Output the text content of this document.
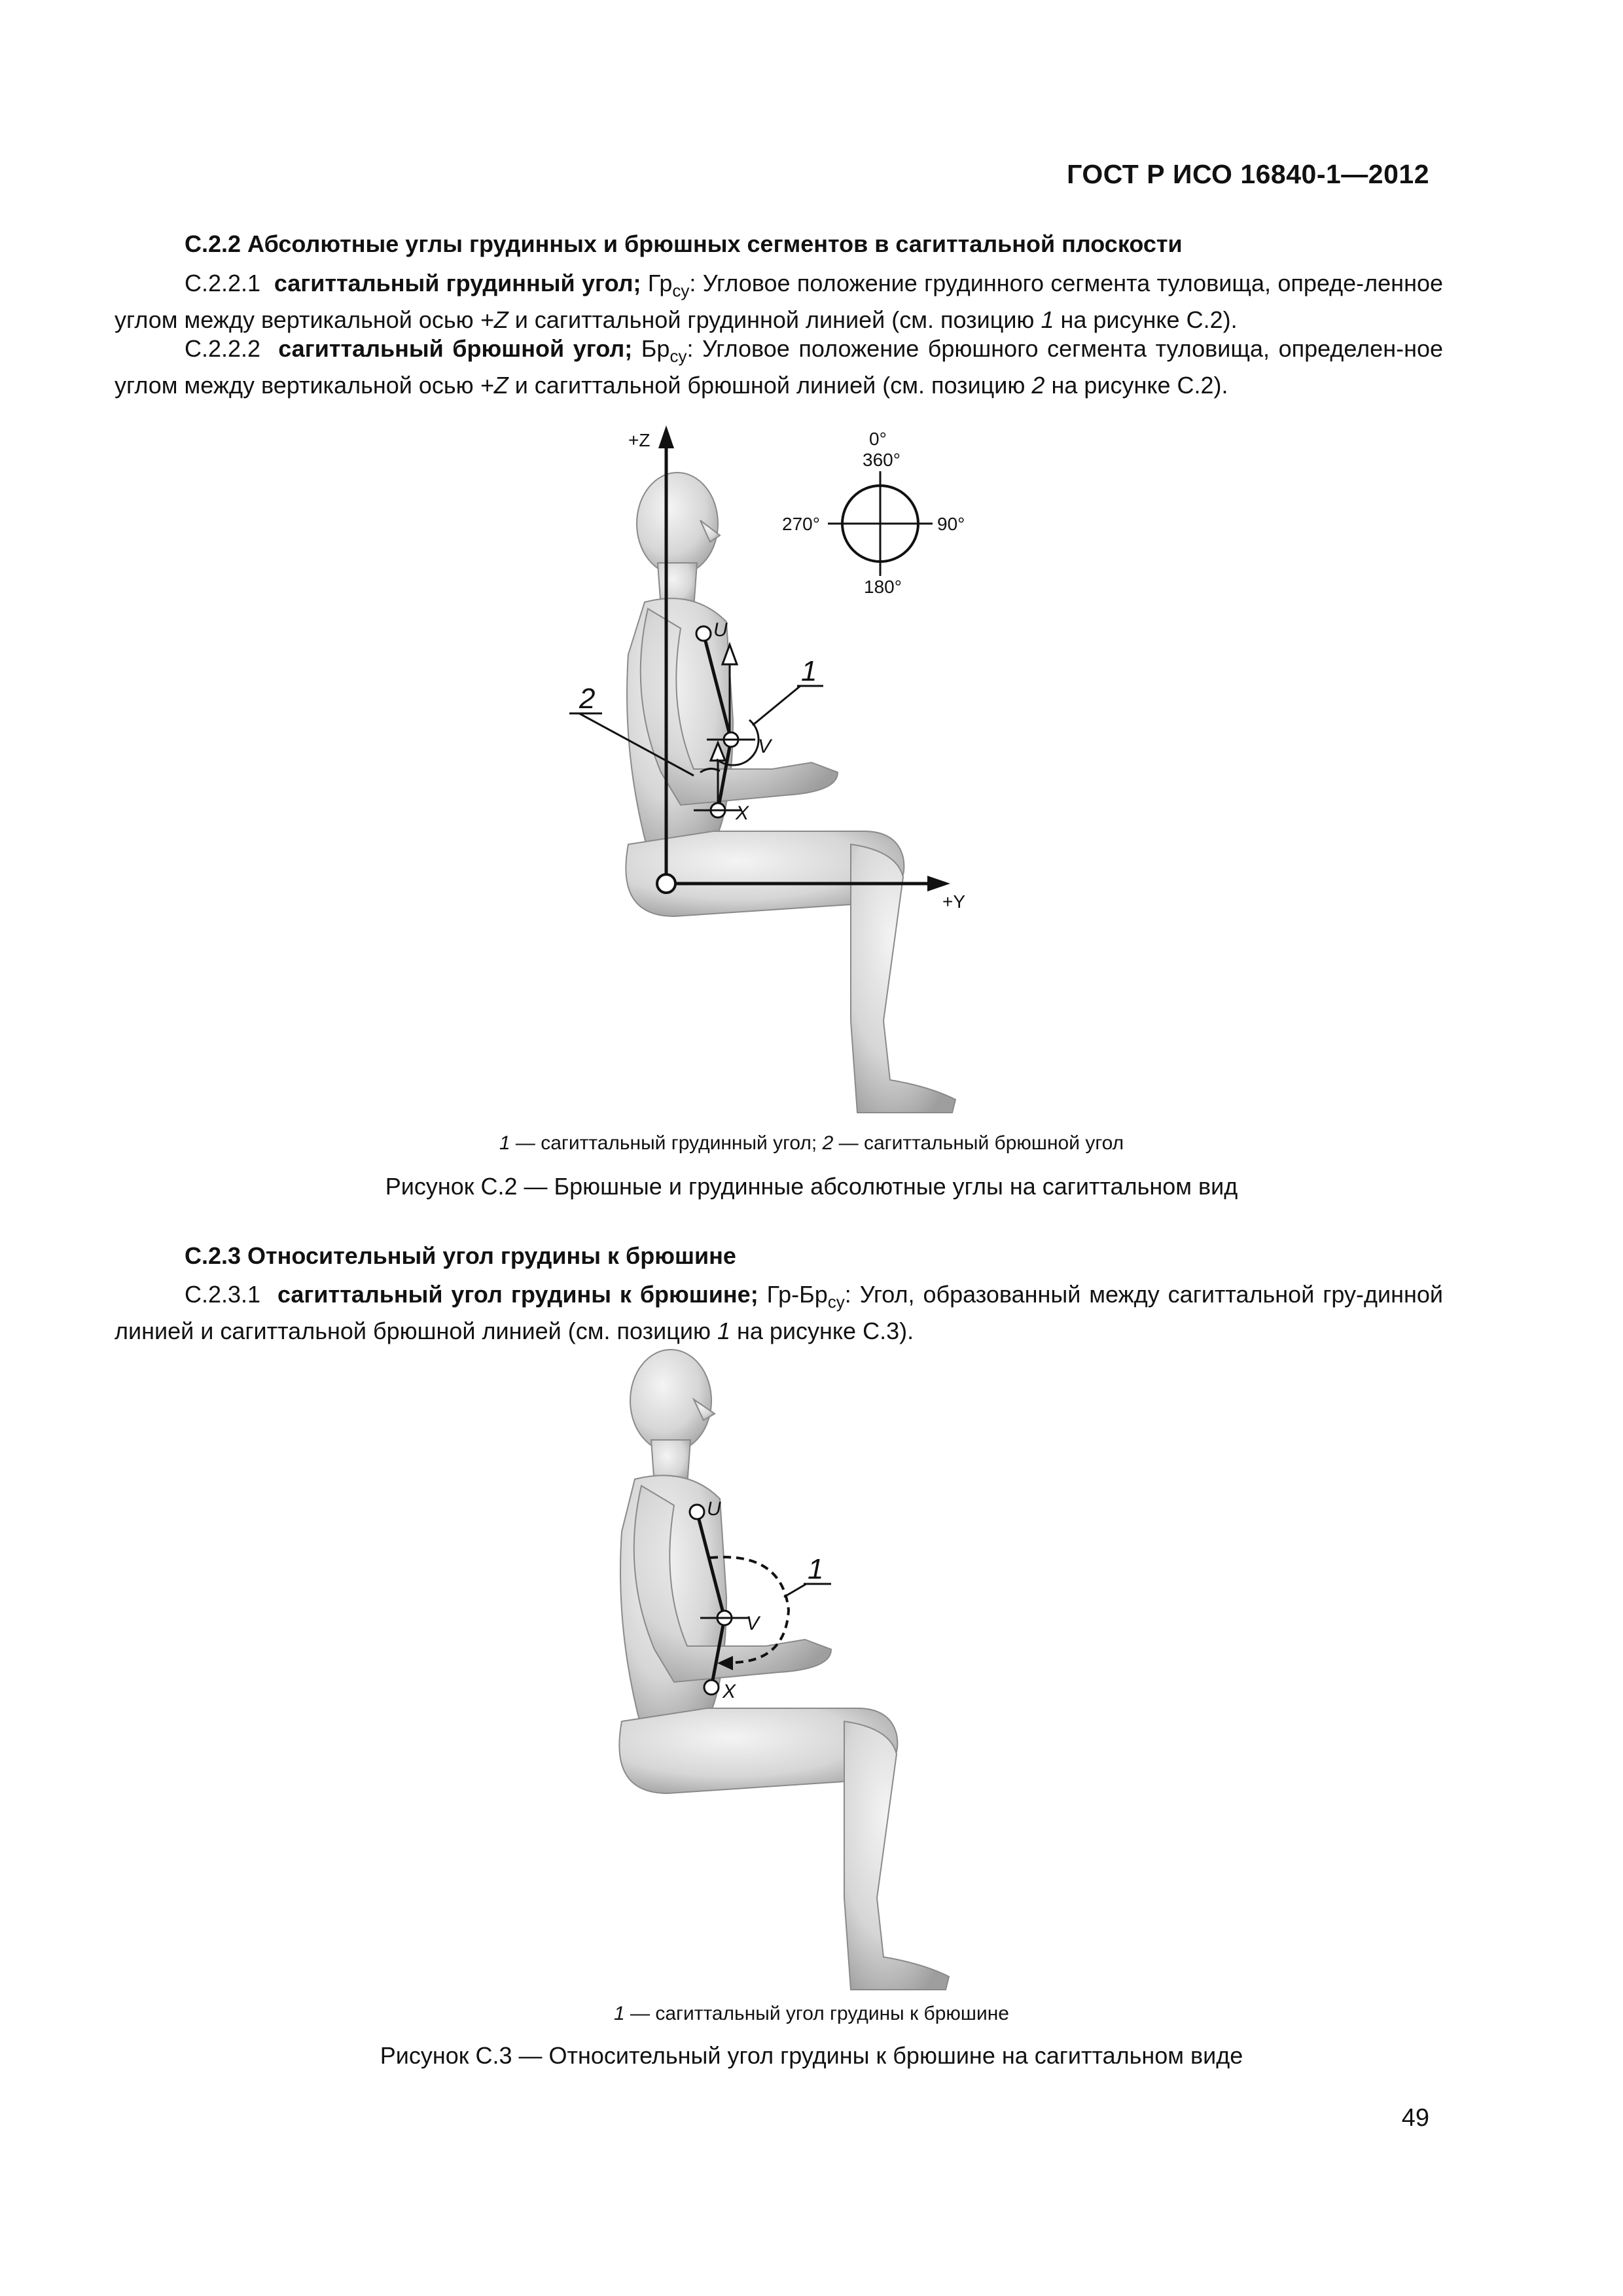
ГОСТ Р ИСО 16840-1—2012
C.2.2 Абсолютные углы грудинных и брюшных сегментов в сагиттальной плоскости
C.2.2.1 сагиттальный грудинный угол; $Гр_{cy}$: Угловое положение грудинного сегмента туловища, опреде-ленное углом между вертикальной осью +Z и сагиттальной грудинной линией (см. позицию 1 на рисунке C.2).
C.2.2.2 сагиттальный брюшной угол; $Бр_{cy}$: Угловое положение брюшного сегмента туловища, определен-ное углом между вертикальной осью +Z и сагиттальной брюшной линией (см. позицию 2 на рисунке C.2).
+Z
+Y
0°
360°
90°
180°
270°
U
V
X
1
2
1 — сагиттальный грудинный угол; 2 — сагиттальный брюшной угол
Рисунок C.2 — Брюшные и грудинные абсолютные углы на сагиттальном вид
C.2.3 Относительный угол грудины к брюшине
C.2.3.1 сагиттальный угол грудины к брюшине; $Гр-Бр_{cy}$: Угол, образованный между сагиттальной гру-динной линией и сагиттальной брюшной линией (см. позицию 1 на рисунке C.3).
U
V
X
1
1 — сагиттальный угол грудины к брюшине
Рисунок C.3 — Относительный угол грудины к брюшине на сагиттальном виде
49
